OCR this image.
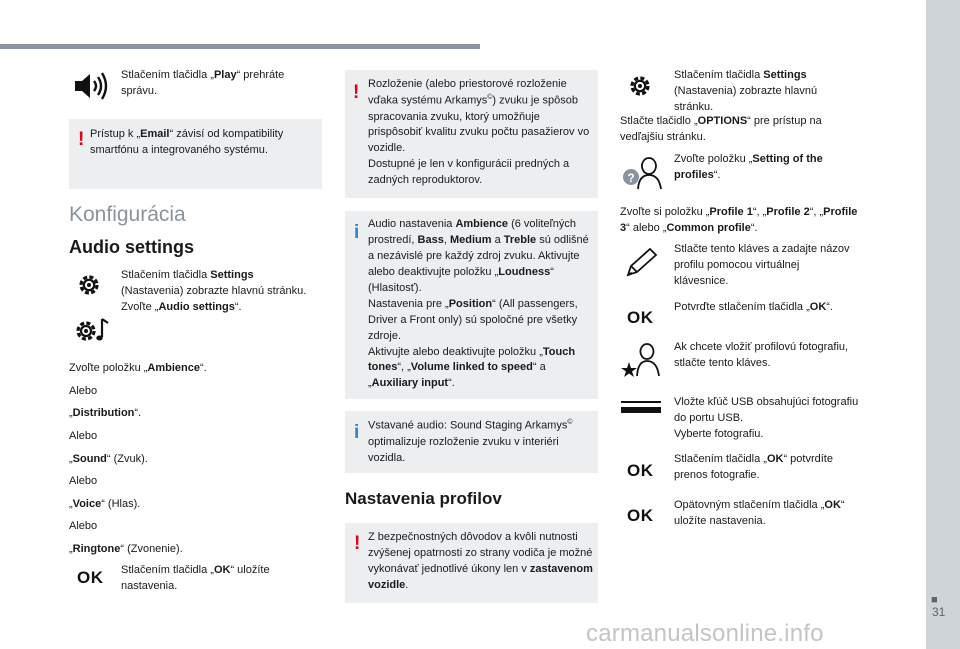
■
31
carmanualsonline.info
Stlačením tlačidla „Play“ prehráte správu.
! Prístup k „Email“ závisí od kompatibility smartfónu a integrovaného systému.
Konfigurácia
Audio settings
Stlačením tlačidla Settings (Nastavenia) zobrazte hlavnú stránku.
Zvoľte „Audio settings“.
Zvoľte položku „Ambience“.
Alebo
„Distribution“.
Alebo
„Sound“ (Zvuk).
Alebo
„Voice“ (Hlas).
Alebo
„Ringtone“ (Zvonenie).
OK Stlačením tlačidla „OK“ uložíte nastavenia.
! Rozloženie (alebo priestorové rozloženie vďaka systému Arkamys©) zvuku je spôsob spracovania zvuku, ktorý umožňuje prispôsobiť kvalitu zvuku počtu pasažierov vo vozidle.
Dostupné je len v konfigurácii predných a zadných reproduktorov.
i Audio nastavenia Ambience (6 voliteľných prostredí, Bass, Medium a Treble sú odlišné a nezávislé pre každý zdroj zvuku. Aktivujte alebo deaktivujte položku „Loudness“ (Hlasitosť).
Nastavenia pre „Position“ (All passengers, Driver a Front only) sú spoločné pre všetky zdroje.
Aktivujte alebo deaktivujte položku „Touch tones“, „Volume linked to speed“ a „Auxiliary input“.
i Vstavané audio: Sound Staging Arkamys© optimalizuje rozloženie zvuku v interiéri vozidla.
Nastavenia profilov
! Z bezpečnostných dôvodov a kvôli nutnosti zvýšenej opatrnosti zo strany vodiča je možné vykonávať jednotlivé úkony len v zastavenom vozidle.
Stlačením tlačidla Settings (Nastavenia) zobrazte hlavnú stránku.
Stlačte tlačidlo „OPTIONS“ pre prístup na vedľajšiu stránku.
?
Zvoľte položku „Setting of the profiles“.
Zvoľte si položku „Profile 1“, „Profile 2“, „Profile 3“ alebo „Common profile“.
Stlačte tento kláves a zadajte názov profilu pomocou virtuálnej klávesnice.
OK
Potvrďte stlačením tlačidla „OK“.
Ak chcete vložiť profilovú fotografiu, stlačte tento kláves.
Vložte kľúč USB obsahujúci fotografiu do portu USB.
Vyberte fotografiu.
OK
Stlačením tlačidla „OK“ potvrdíte prenos fotografie.
OK
Opätovným stlačením tlačidla „OK“ uložíte nastavenia.
